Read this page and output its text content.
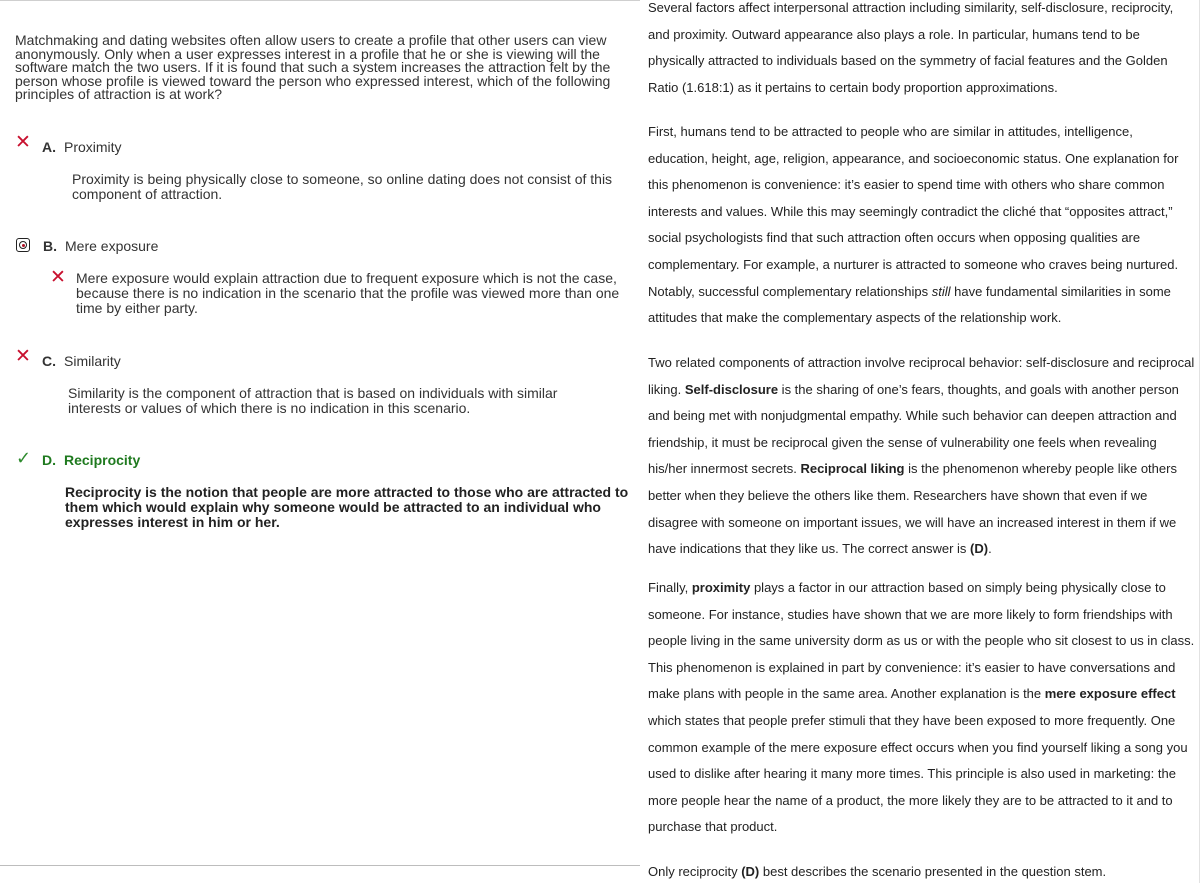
Matchmaking and dating websites often allow users to create a profile that other users can view anonymously. Only when a user expresses interest in a profile that he or she is viewing will the software match the two users. If it is found that such a system increases the attraction felt by the person whose profile is viewed toward the person who expressed interest, which of the following principles of attraction is at work?
✕ A. Proximity
Proximity is being physically close to someone, so online dating does not consist of this component of attraction.
B. Mere exposure
✕ Mere exposure would explain attraction due to frequent exposure which is not the case, because there is no indication in the scenario that the profile was viewed more than one time by either party.
✕ C. Similarity
Similarity is the component of attraction that is based on individuals with similar interests or values of which there is no indication in this scenario.
✓ D. Reciprocity
Reciprocity is the notion that people are more attracted to those who are attracted to them which would explain why someone would be attracted to an individual who expresses interest in him or her.

Several factors affect interpersonal attraction including similarity, self-disclosure, reciprocity, and proximity. Outward appearance also plays a role. In particular, humans tend to be physically attracted to individuals based on the symmetry of facial features and the Golden Ratio (1.618:1) as it pertains to certain body proportion approximations.

First, humans tend to be attracted to people who are similar in attitudes, intelligence, education, height, age, religion, appearance, and socioeconomic status. One explanation for this phenomenon is convenience: it’s easier to spend time with others who share common interests and values. While this may seemingly contradict the cliché that “opposites attract,” social psychologists find that such attraction often occurs when opposing qualities are complementary. For example, a nurturer is attracted to someone who craves being nurtured. Notably, successful complementary relationships still have fundamental similarities in some attitudes that make the complementary aspects of the relationship work.

Two related components of attraction involve reciprocal behavior: self-disclosure and reciprocal liking. Self-disclosure is the sharing of one’s fears, thoughts, and goals with another person and being met with nonjudgmental empathy. While such behavior can deepen attraction and friendship, it must be reciprocal given the sense of vulnerability one feels when revealing his/her innermost secrets. Reciprocal liking is the phenomenon whereby people like others better when they believe the others like them. Researchers have shown that even if we disagree with someone on important issues, we will have an increased interest in them if we have indications that they like us. The correct answer is (D).

Finally, proximity plays a factor in our attraction based on simply being physically close to someone. For instance, studies have shown that we are more likely to form friendships with people living in the same university dorm as us or with the people who sit closest to us in class. This phenomenon is explained in part by convenience: it’s easier to have conversations and make plans with people in the same area. Another explanation is the mere exposure effect which states that people prefer stimuli that they have been exposed to more frequently. One common example of the mere exposure effect occurs when you find yourself liking a song you used to dislike after hearing it many more times. This principle is also used in marketing: the more people hear the name of a product, the more likely they are to be attracted to it and to purchase that product.

Only reciprocity (D) best describes the scenario presented in the question stem.
